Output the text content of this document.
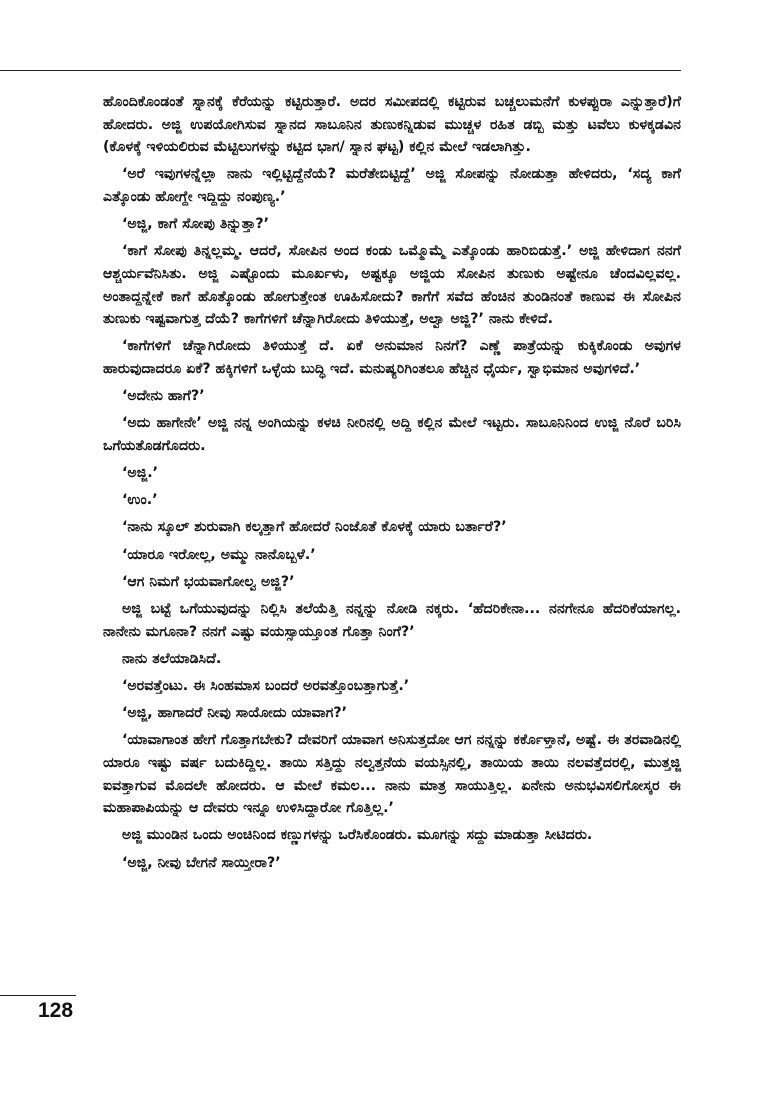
ಹೊಂದಿಕೊಂಡಂತೆ ಸ್ನಾನಕ್ಕೆ ಕೆರೆಯನ್ನು ಕಟ್ಟಿರುತ್ತಾರೆ. ಅದರ ಸಮೀಪದಲ್ಲಿ ಕಟ್ಟಿರುವ ಬಚ್ಚಲುಮನೆಗೆ ಕುಳಪ್ಪುರಾ ಎನ್ನುತ್ತಾರೆ)ಗೆ ಹೋದರು. ಅಜ್ಜಿ ಉಪಯೋಗಿಸುವ ಸ್ನಾನದ ಸಾಬೂನಿನ ತುಣುಕನ್ನಿಡುವ ಮುಚ್ಚಳ ರಹಿತ ಡಬ್ಬಿ ಮತ್ತು ಟವೆಲು ಕುಳಕ್ಕಡವಿನ (ಕೊಳಕ್ಕೆ ಇಳಿಯಲಿರುವ ಮೆಟ್ಟಿಲುಗಳನ್ನು ಕಟ್ಟಿದ ಭಾಗ/ ಸ್ನಾನ ಘಟ್ಟ) ಕಲ್ಲಿನ ಮೇಲೆ ಇಡಲಾಗಿತ್ತು.

‘ಅರೆ ಇವುಗಳನ್ನೆಲ್ಲಾ ನಾನು ಇಲ್ಲಿಟ್ಟಿದ್ದೆನೆಯೆ? ಮರೆತೇಬಿಟ್ಟಿದ್ದೆ’ ಅಜ್ಜಿ ಸೋಪನ್ನು ನೋಡುತ್ತಾ ಹೇಳಿದರು, ‘ಸದ್ಯ ಕಾಗೆ ಎತ್ಕೊಂಡು ಹೋಗ್ದೇ ಇದ್ದಿದ್ದು ನಂಪುಣ್ಯ.’

‘ಅಜ್ಜಿ, ಕಾಗೆ ಸೋಪು ತಿನ್ನುತ್ತಾ?’

‘ಕಾಗೆ ಸೋಪು ತಿನ್ನಲ್ಲಮ್ಮ. ಆದರೆ, ಸೋಪಿನ ಅಂದ ಕಂಡು ಒಮ್ಮೊಮ್ಮೆ ಎತ್ಕೊಂಡು ಹಾರಿಬಿಡುತ್ತೆ.’ ಅಜ್ಜಿ ಹೇಳಿದಾಗ ನನಗೆ ಆಶ್ಚರ್ಯವೆನಿಸಿತು. ಅಜ್ಜಿ ಎಷ್ಟೊಂದು ಮೂರ್ಖಳು, ಅಷ್ಟಕ್ಕೂ ಅಜ್ಜಿಯ ಸೋಪಿನ ತುಣುಕು ಅಷ್ಟೇನೂ ಚೆಂದವಿಲ್ಲವಲ್ಲ. ಅಂತಾದ್ದನ್ನೇಕೆ ಕಾಗೆ ಹೊತ್ಕೊಂಡು ಹೋಗುತ್ತೇಂತ ಊಹಿಸೋದು? ಕಾಗೆಗೆ ಸವೆದ ಹೆಂಚಿನ ತುಂಡಿನಂತೆ ಕಾಣುವ ಈ ಸೋಪಿನ ತುಣುಕು ಇಷ್ಟವಾಗುತ್ತ ದೆಯೆ? ಕಾಗೆಗಳಿಗೆ ಚೆನ್ನಾಗಿರೋದು ತಿಳಿಯುತ್ತೆ, ಅಲ್ವಾ ಅಜ್ಜಿ?’ ನಾನು ಕೇಳಿದೆ.

‘ಕಾಗೆಗಳಿಗೆ ಚೆನ್ನಾಗಿರೋದು ತಿಳಿಯುತ್ತೆ ದೆ. ಏಕೆ ಅನುಮಾನ ನಿನಗೆ? ಎಣ್ಣೆ ಪಾತ್ರೆಯನ್ನು ಕುಕ್ಕಿಕೊಂಡು ಅವುಗಳ ಹಾರುವುದಾದರೂ ಏಕೆ? ಹಕ್ಕಿಗಳಿಗೆ ಒಳ್ಳೆಯ ಬುದ್ಧಿ ಇದೆ. ಮನುಷ್ಯರಿಗಿಂತಲೂ ಹೆಚ್ಚಿನ ಧೈರ್ಯ, ಸ್ವಾಭಿಮಾನ ಅವುಗಳಿದೆ.’

‘ಅದೇನು ಹಾಗೆ?’

‘ಅದು ಹಾಗೇನೇ’ ಅಜ್ಜಿ ನನ್ನ ಅಂಗಿಯನ್ನು ಕಳಚಿ ನೀರಿನಲ್ಲಿ ಅದ್ದಿ ಕಲ್ಲಿನ ಮೇಲೆ ಇಟ್ಟರು. ಸಾಬೂನಿನಿಂದ ಉಜ್ಜಿ ನೊರೆ ಬರಿಸಿ ಒಗೆಯತೊಡಗೊದರು.

‘ಅಜ್ಜಿ.’

‘ಉಂ.’

‘ನಾನು ಸ್ಕೂಲ್ ಶುರುವಾಗಿ ಕಲ್ಕತ್ತಾಗೆ ಹೋದರೆ ನಿಂಜೊತೆ ಕೊಳಕ್ಕೆ ಯಾರು ಬರ್ತಾರೆ?’

‘ಯಾರೂ ಇರೋಲ್ಲ, ಅಮ್ಮು ನಾನೊಬ್ಬಳೆ.’

‘ಆಗ ನಿಮಗೆ ಭಯವಾಗೋಲ್ವ ಅಜ್ಜಿ?’

ಅಜ್ಜಿ ಬಟ್ಟೆ ಒಗೆಯುವುದನ್ನು ನಿಲ್ಲಿಸಿ ತಲೆಯೆತ್ತಿ ನನ್ನನ್ನು ನೋಡಿ ನಕ್ಕರು. ‘ಹೆದರಿಕೇನಾ... ನನಗೇನೂ ಹೆದರಿಕೆಯಾಗಲ್ಲ. ನಾನೇನು ಮಗೂನಾ? ನನಗೆ ಎಷ್ಟು ವಯಸ್ಸಾಯ್ತೂಂತ ಗೊತ್ತಾ ನಿಂಗೆ?’

ನಾನು ತಲೆಯಾಡಿಸಿದೆ.

‘ಅರವತ್ತೆಂಟು. ಈ ಸಿಂಹಮಾಸ ಬಂದರೆ ಅರವತ್ತೊಂಬತ್ತಾಗುತ್ತೆ.’

‘ಅಜ್ಜಿ, ಹಾಗಾದರೆ ನೀವು ಸಾಯೋದು ಯಾವಾಗ?’

‘ಯಾವಾಗಾಂತ ಹೇಗೆ ಗೊತ್ತಾಗಬೇಕು? ದೇವರಿಗೆ ಯಾವಾಗ ಅನಿಸುತ್ತದೋ ಆಗ ನನ್ನನ್ನು ಕರ್ಕೊಳ್ತಾನೆ, ಅಷ್ಟೆ. ಈ ತರವಾಡಿನಲ್ಲಿ ಯಾರೂ ಇಷ್ಟು ವರ್ಷ ಬದುಕಿದ್ದಿಲ್ಲ. ತಾಯಿ ಸತ್ತಿದ್ದು ನಲ್ವತ್ತನೆಯ ವಯಸ್ಸಿನಲ್ಲಿ, ತಾಯಿಯ ತಾಯಿ ನಲವತ್ತೆದರಲ್ಲಿ, ಮುತ್ತಜ್ಜಿ ಐವತ್ತಾಗುವ ಮೊದಲೇ ಹೋದರು. ಆ ಮೇಲೆ ಕಮಲ... ನಾನು ಮಾತ್ರ ಸಾಯುತ್ತಿಲ್ಲ. ಏನೇನು ಅನುಭವಿಸಲಿಗೋಸ್ಕರ ಈ ಮಹಾಪಾಪಿಯನ್ನು ಆ ದೇವರು ಇನ್ನೂ ಉಳಿಸಿದ್ದಾರೋ ಗೊತ್ತಿಲ್ಲ.’

ಅಜ್ಜಿ ಮುಂಡಿನ ಒಂದು ಅಂಚಿನಿಂದ ಕಣ್ಣುಗಳನ್ನು ಒರೆಸಿಕೊಂಡರು. ಮೂಗನ್ನು ಸದ್ದು ಮಾಡುತ್ತಾ ಸೀಟಿದರು.

‘ಅಜ್ಜಿ, ನೀವು ಬೇಗನೆ ಸಾಯ್ತೀರಾ?’

128
